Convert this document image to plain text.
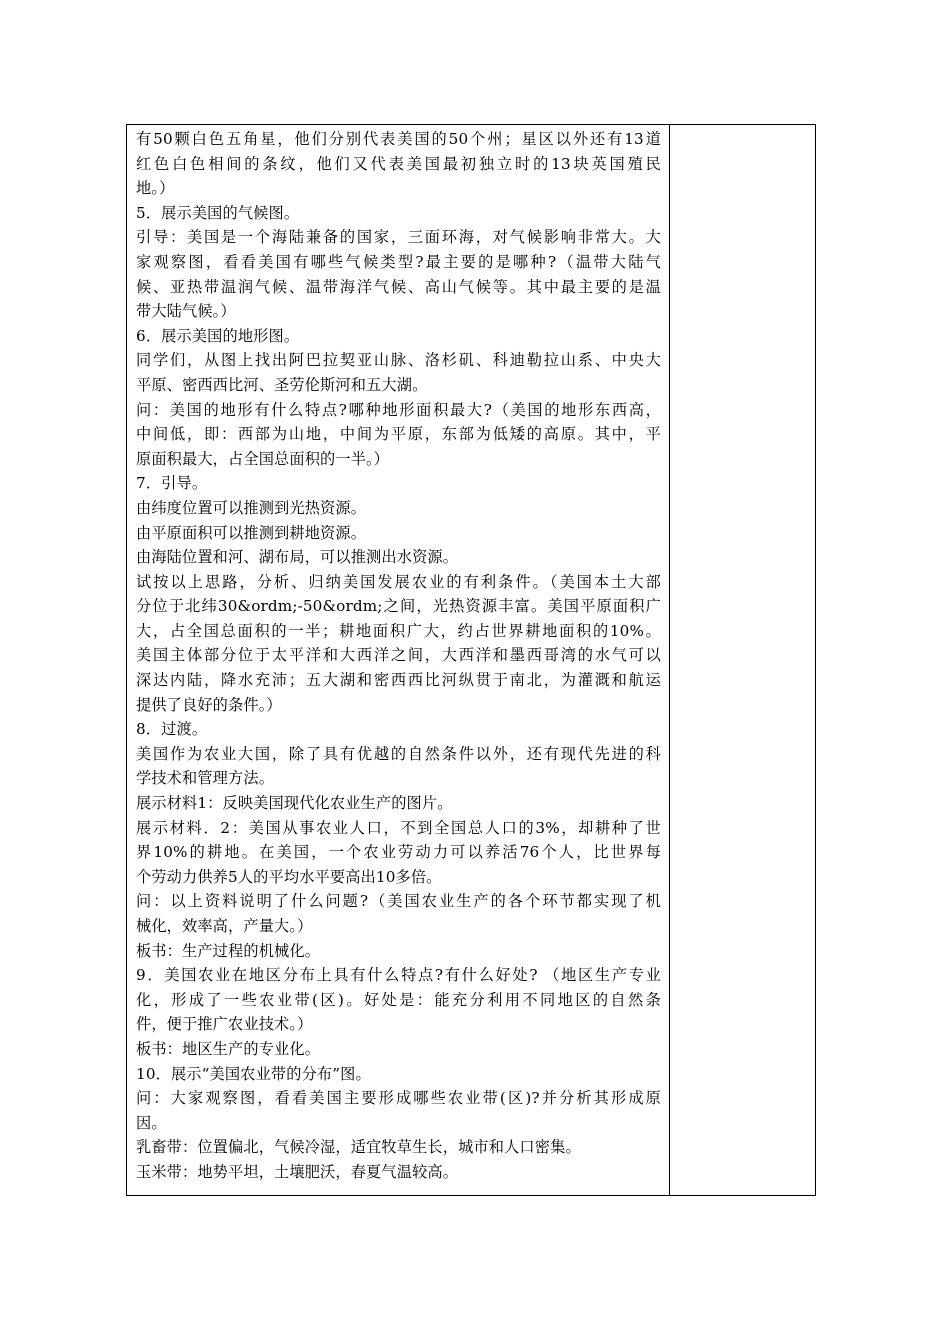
有50颗白色五角星，他们分别代表美国的50个州；星区以外还有13道
红色白色相间的条纹，他们又代表美国最初独立时的13块英国殖民
地。）
5．展示美国的气候图。
引导：美国是一个海陆兼备的国家，三面环海，对气候影响非常大。大
家观察图，看看美国有哪些气候类型?最主要的是哪种?（温带大陆气
候、亚热带温润气候、温带海洋气候、高山气候等。其中最主要的是温
带大陆气候。）
6．展示美国的地形图。
同学们，从图上找出阿巴拉契亚山脉、洛杉矶、科迪勒拉山系、中央大
平原、密西西比河、圣劳伦斯河和五大湖。
问：美国的地形有什么特点?哪种地形面积最大?（美国的地形东西高，
中间低，即：西部为山地，中间为平原，东部为低矮的高原。其中，平
原面积最大，占全国总面积的一半。）
7．引导。
由纬度位置可以推测到光热资源。
由平原面积可以推测到耕地资源。
由海陆位置和河、湖布局，可以推测出水资源。
试按以上思路，分析、归纳美国发展农业的有利条件。（美国本土大部
分位于北纬30&ordm;-50&ordm;之间，光热资源丰富。美国平原面积广
大，占全国总面积的一半；耕地面积广大，约占世界耕地面积的10%。
美国主体部分位于太平洋和大西洋之间，大西洋和墨西哥湾的水气可以
深达内陆，降水充沛；五大湖和密西西比河纵贯于南北，为灌溉和航运
提供了良好的条件。）
8．过渡。
美国作为农业大国，除了具有优越的自然条件以外，还有现代先进的科
学技术和管理方法。
展示材料1：反映美国现代化农业生产的图片。
展示材料．2：美国从事农业人口，不到全国总人口的3%，却耕种了世
界10%的耕地。在美国，一个农业劳动力可以养活76个人，比世界每
个劳动力供养5人的平均水平要高出10多倍。
问：以上资料说明了什么问题?（美国农业生产的各个环节都实现了机
械化，效率高，产量大。）
板书：生产过程的机械化。
9．美国农业在地区分布上具有什么特点?有什么好处? （地区生产专业
化，形成了一些农业带(区)。好处是：能充分利用不同地区的自然条
件，便于推广农业技术。）
板书：地区生产的专业化。
10．展示“美国农业带的分布”图。
问：大家观察图，看看美国主要形成哪些农业带(区)?并分析其形成原
因。
乳畜带：位置偏北，气候冷湿，适宜牧草生长，城市和人口密集。
玉米带：地势平坦，土壤肥沃，春夏气温较高。
